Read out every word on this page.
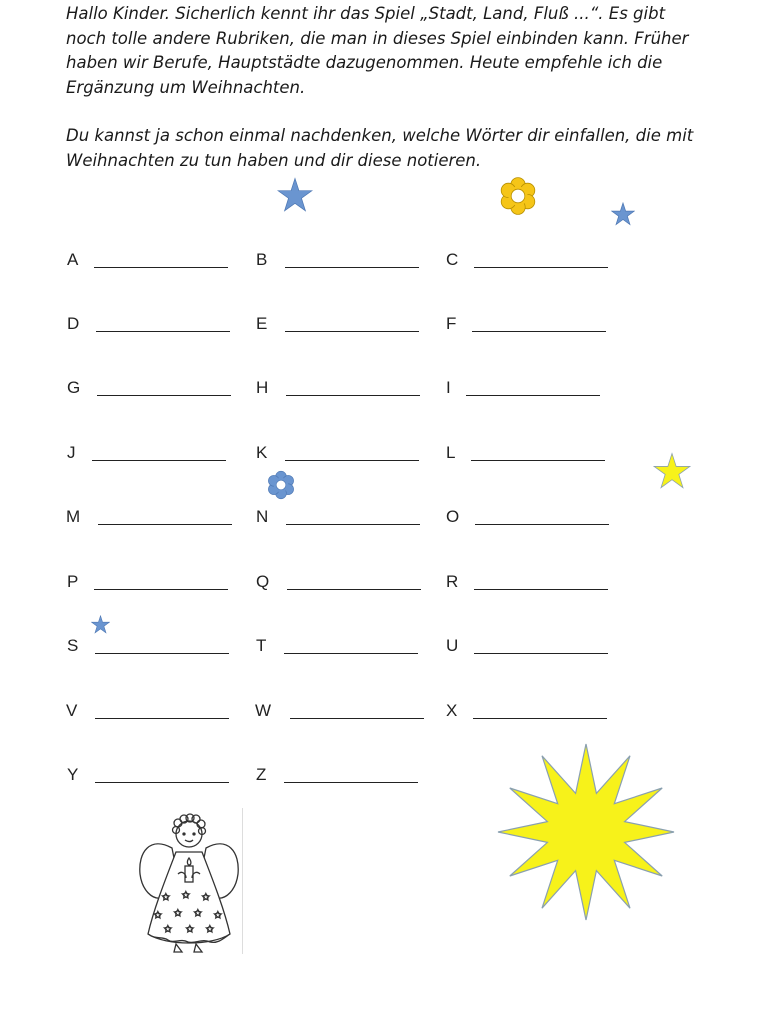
Hallo Kinder. Sicherlich kennt ihr das Spiel „Stadt, Land, Fluß ...“. Es gibt noch tolle andere Rubriken, die man in dieses Spiel einbinden kann. Früher haben wir Berufe, Hauptstädte dazugenommen. Heute empfehle ich die Ergänzung um Weihnachten.

Du kannst ja schon einmal nachdenken, welche Wörter dir einfallen, die mit Weihnachten zu tun haben und dir diese notieren.

A	B	C
D	E	F
G	H	I
J	K	L
M	N	O
P	Q	R
S	T	U
V	W	X
Y	Z
✩ ✩ ✩
✩ ✩ ✩ ✩
✩ ✩ ✩
